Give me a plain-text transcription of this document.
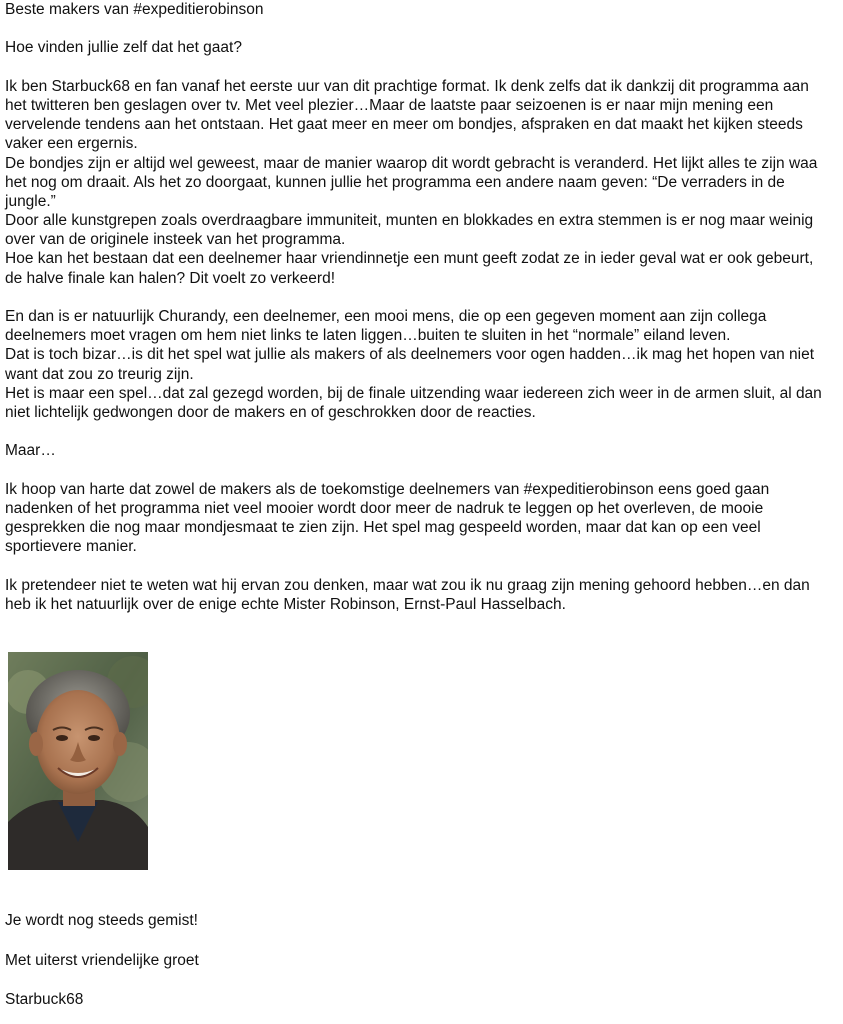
Beste makers van #expeditierobinson
Hoe vinden jullie zelf dat het gaat?
Ik ben Starbuck68 en fan vanaf het eerste uur van dit prachtige format. Ik denk zelfs dat ik dankzij dit programma aan
het twitteren ben geslagen over tv. Met veel plezier…Maar de laatste paar seizoenen is er naar mijn mening een
vervelende tendens aan het ontstaan. Het gaat meer en meer om bondjes, afspraken en dat maakt het kijken steeds
vaker een ergernis.
De bondjes zijn er altijd wel geweest, maar de manier waarop dit wordt gebracht is veranderd. Het lijkt alles te zijn waa
het nog om draait. Als het zo doorgaat, kunnen jullie het programma een andere naam geven: “De verraders in de
jungle.”
Door alle kunstgrepen zoals overdraagbare immuniteit, munten en blokkades en extra stemmen is er nog maar weinig
over van de originele insteek van het programma.
Hoe kan het bestaan dat een deelnemer haar vriendinnetje een munt geeft zodat ze in ieder geval wat er ook gebeurt,
de halve finale kan halen? Dit voelt zo verkeerd!
En dan is er natuurlijk Churandy, een deelnemer, een mooi mens, die op een gegeven moment aan zijn collega
deelnemers moet vragen om hem niet links te laten liggen…buiten te sluiten in het “normale” eiland leven.
Dat is toch bizar…is dit het spel wat jullie als makers of als deelnemers voor ogen hadden…ik mag het hopen van niet
want dat zou zo treurig zijn.
Het is maar een spel…dat zal gezegd worden, bij de finale uitzending waar iedereen zich weer in de armen sluit, al dan
niet lichtelijk gedwongen door de makers en of geschrokken door de reacties.
Maar…
Ik hoop van harte dat zowel de makers als de toekomstige deelnemers van #expeditierobinson eens goed gaan
nadenken of het programma niet veel mooier wordt door meer de nadruk te leggen op het overleven, de mooie
gesprekken die nog maar mondjesmaat te zien zijn. Het spel mag gespeeld worden, maar dat kan op een veel
sportievere manier.
Ik pretendeer niet te weten wat hij ervan zou denken, maar wat zou ik nu graag zijn mening gehoord hebben…en dan
heb ik het natuurlijk over de enige echte Mister Robinson, Ernst-Paul Hasselbach.
Je wordt nog steeds gemist!
Met uiterst vriendelijke groet
Starbuck68
